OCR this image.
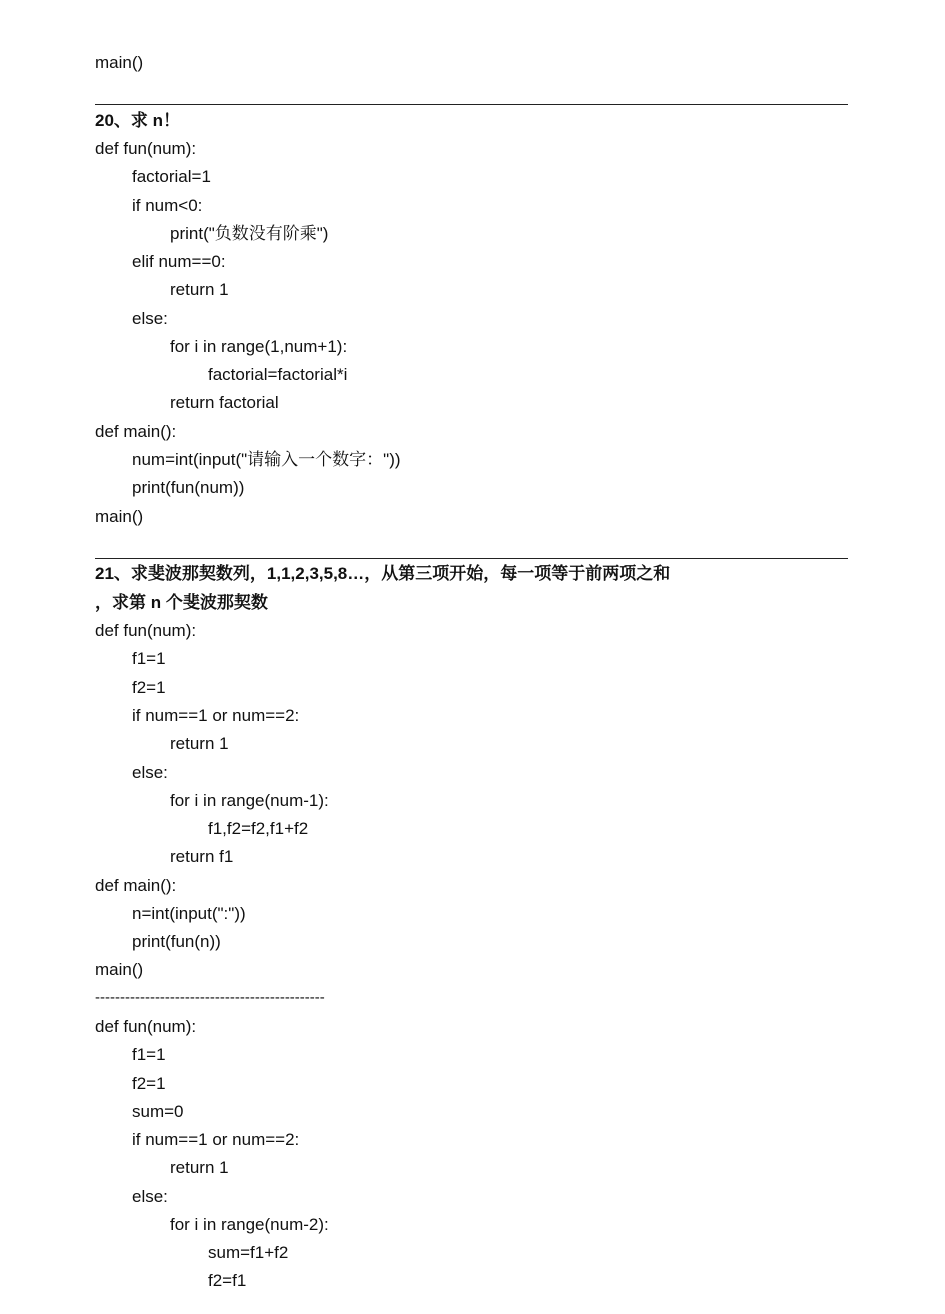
main()
20、求 n！
def fun(num):
factorial=1
if num<0:
print("负数没有阶乘")
elif num==0:
return 1
else:
for i in range(1,num+1):
factorial=factorial*i
return factorial
def main():
num=int(input("请输入一个数字："))
print(fun(num))
main()
21、求斐波那契数列，1,1,2,3,5,8…，从第三项开始，每一项等于前两项之和
，求第 n 个斐波那契数
def fun(num):
f1=1
f2=1
if num==1 or num==2:
return 1
else:
for i in range(num-1):
f1,f2=f2,f1+f2
return f1
def main():
n=int(input(":"))
print(fun(n))
main()
----------------------------------------------
def fun(num):
f1=1
f2=1
sum=0
if num==1 or num==2:
return 1
else:
for i in range(num-2):
sum=f1+f2
f2=f1
